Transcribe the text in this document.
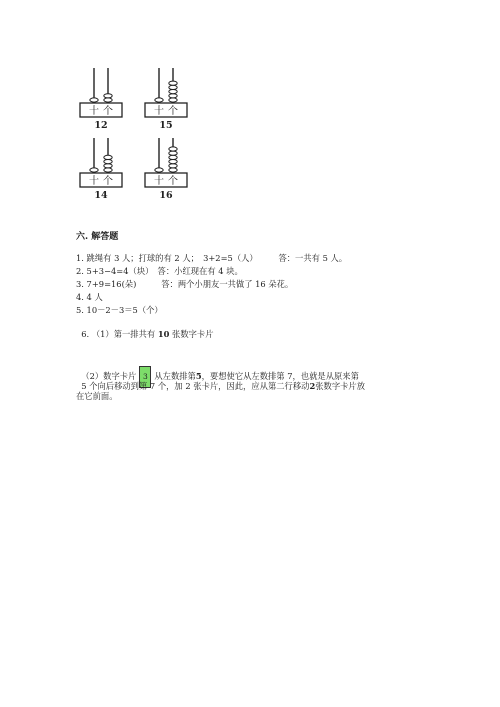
十 个
12
十 个
15
十 个
14
十 个
16
六. 解答题
1. 跳绳有 3 人；打球的有 2 人；　3+2=5（人）　　　答：一共有 5 人。
2. 5+3−4=4（块）　答：小红现在有 4 块。
3. 7+9=16(朵)　　　答：两个小朋友一共做了 16 朵花。
4. 4 人
5. 10－2－3＝5（个）

6. （1）第一排共有 10 张数字卡片

（2）数字卡片 3 从左数排第5，要想使它从左数排第 7，也就是从原来第

5 个向后移动到第 7 个，加 2 张卡片，因此，应从第二行移动2张数字卡片放

在它前面。
